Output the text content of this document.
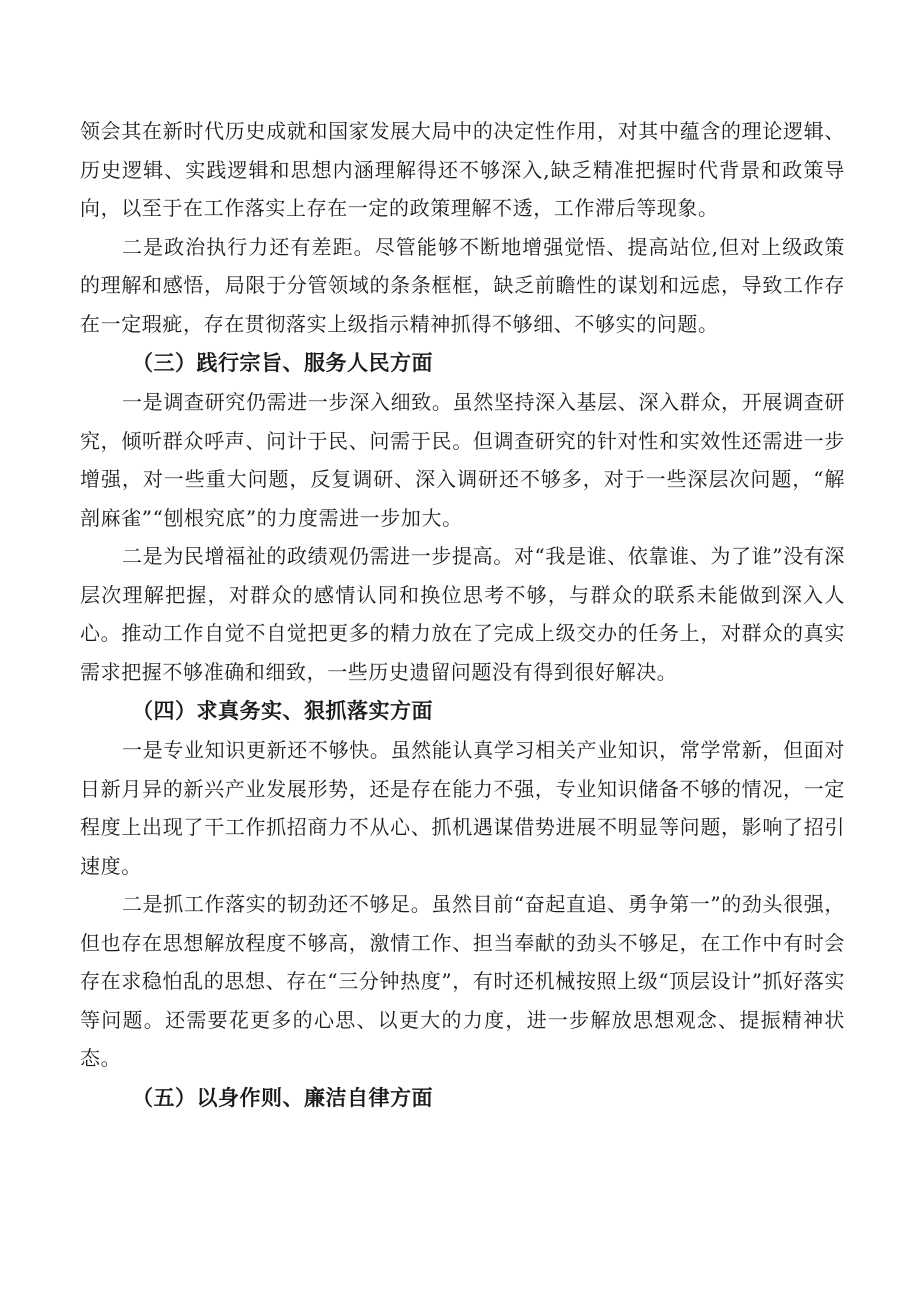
领会其在新时代历史成就和国家发展大局中的决定性作用，对其中蕴含的理论逻辑、历史逻辑、实践逻辑和思想内涵理解得还不够深入,缺乏精准把握时代背景和政策导向，以至于在工作落实上存在一定的政策理解不透，工作滞后等现象。

二是政治执行力还有差距。尽管能够不断地增强觉悟、提高站位,但对上级政策的理解和感悟，局限于分管领域的条条框框，缺乏前瞻性的谋划和远虑，导致工作存在一定瑕疵，存在贯彻落实上级指示精神抓得不够细、不够实的问题。

（三）践行宗旨、服务人民方面

一是调查研究仍需进一步深入细致。虽然坚持深入基层、深入群众，开展调查研究，倾听群众呼声、问计于民、问需于民。但调查研究的针对性和实效性还需进一步增强，对一些重大问题，反复调研、深入调研还不够多，对于一些深层次问题，“解剖麻雀”“刨根究底”的力度需进一步加大。

二是为民增福祉的政绩观仍需进一步提高。对“我是谁、依靠谁、为了谁”没有深层次理解把握，对群众的感情认同和换位思考不够，与群众的联系未能做到深入人心。推动工作自觉不自觉把更多的精力放在了完成上级交办的任务上，对群众的真实需求把握不够准确和细致，一些历史遗留问题没有得到很好解决。

（四）求真务实、狠抓落实方面

一是专业知识更新还不够快。虽然能认真学习相关产业知识，常学常新，但面对日新月异的新兴产业发展形势，还是存在能力不强，专业知识储备不够的情况，一定程度上出现了干工作抓招商力不从心、抓机遇谋借势进展不明显等问题，影响了招引速度。

二是抓工作落实的韧劲还不够足。虽然目前“奋起直追、勇争第一”的劲头很强，但也存在思想解放程度不够高，激情工作、担当奉献的劲头不够足，在工作中有时会存在求稳怕乱的思想、存在“三分钟热度”，有时还机械按照上级“顶层设计”抓好落实等问题。还需要花更多的心思、以更大的力度，进一步解放思想观念、提振精神状态。

（五）以身作则、廉洁自律方面
